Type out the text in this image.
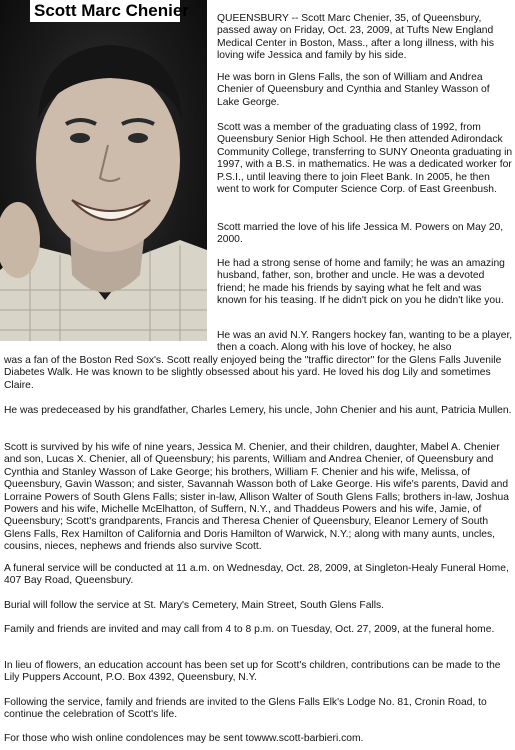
Scott Marc Chenier	QUEENSBURY -- Scott Marc Chenier, 35, of Queensbury, passed away on Friday, Oct. 23, 2009, at Tufts New England Medical Center in Boston, Mass., after a long illness, with his loving wife Jessica and family by his side.

He was born in Glens Falls, the son of William and Andrea Chenier of Queensbury and Cynthia and Stanley Wasson of Lake George.

Scott was a member of the graduating class of 1992, from Queensbury Senior High School. He then attended Adirondack Community College, transferring to SUNY Oneonta graduating in 1997, with a B.S. in mathematics. He was a dedicated worker for P.S.I., until leaving there to join Fleet Bank. In 2005, he then went to work for Computer Science Corp. of East Greenbush.

Scott married the love of his life Jessica M. Powers on May 20, 2000.

He had a strong sense of home and family; he was an amazing husband, father, son, brother and uncle. He was a devoted friend; he made his friends by saying what he felt and was known for his teasing. If he didn't pick on you he didn't like you.

He was an avid N.Y. Rangers hockey fan, wanting to be a player, then a coach. Along with his love of hockey, he also

was a fan of the Boston Red Sox's. Scott really enjoyed being the "traffic director" for the Glens Falls Juvenile Diabetes Walk. He was known to be slightly obsessed about his yard. He loved his dog Lily and sometimes Claire.

He was predeceased by his grandfather, Charles Lemery, his uncle, John Chenier and his aunt, Patricia Mullen.

Scott is survived by his wife of nine years, Jessica M. Chenier, and their children, daughter, Mabel A. Chenier and son, Lucas X. Chenier, all of Queensbury; his parents, William and Andrea Chenier, of Queensbury and Cynthia and Stanley Wasson of Lake George; his brothers, William F. Chenier and his wife, Melissa, of Queensbury, Gavin Wasson; and sister, Savannah Wasson both of Lake George. His wife's parents, David and Lorraine Powers of South Glens Falls; sister in-law, Allison Walter of South Glens Falls; brothers in-law, Joshua Powers and his wife, Michelle McElhatton, of Suffern, N.Y., and Thaddeus Powers and his wife, Jamie, of Queensbury; Scott's grandparents, Francis and Theresa Chenier of Queensbury, Eleanor Lemery of South Glens Falls, Rex Hamilton of California and Doris Hamilton of Warwick, N.Y.; along with many aunts, uncles, cousins, nieces, nephews and friends also survive Scott.

A funeral service will be conducted at 11 a.m. on Wednesday, Oct. 28, 2009, at Singleton-Healy Funeral Home, 407 Bay Road, Queensbury.

Burial will follow the service at St. Mary's Cemetery, Main Street, South Glens Falls.

Family and friends are invited and may call from 4 to 8 p.m. on Tuesday, Oct. 27, 2009, at the funeral home.

In lieu of flowers, an education account has been set up for Scott's children, contributions can be made to the Lily Puppers Account, P.O. Box 4392, Queensbury, N.Y.

Following the service, family and friends are invited to the Glens Falls Elk's Lodge No. 81, Cronin Road, to continue the celebration of Scott's life.

For those who wish online condolences may be sent towww.scott-barbieri.com.
